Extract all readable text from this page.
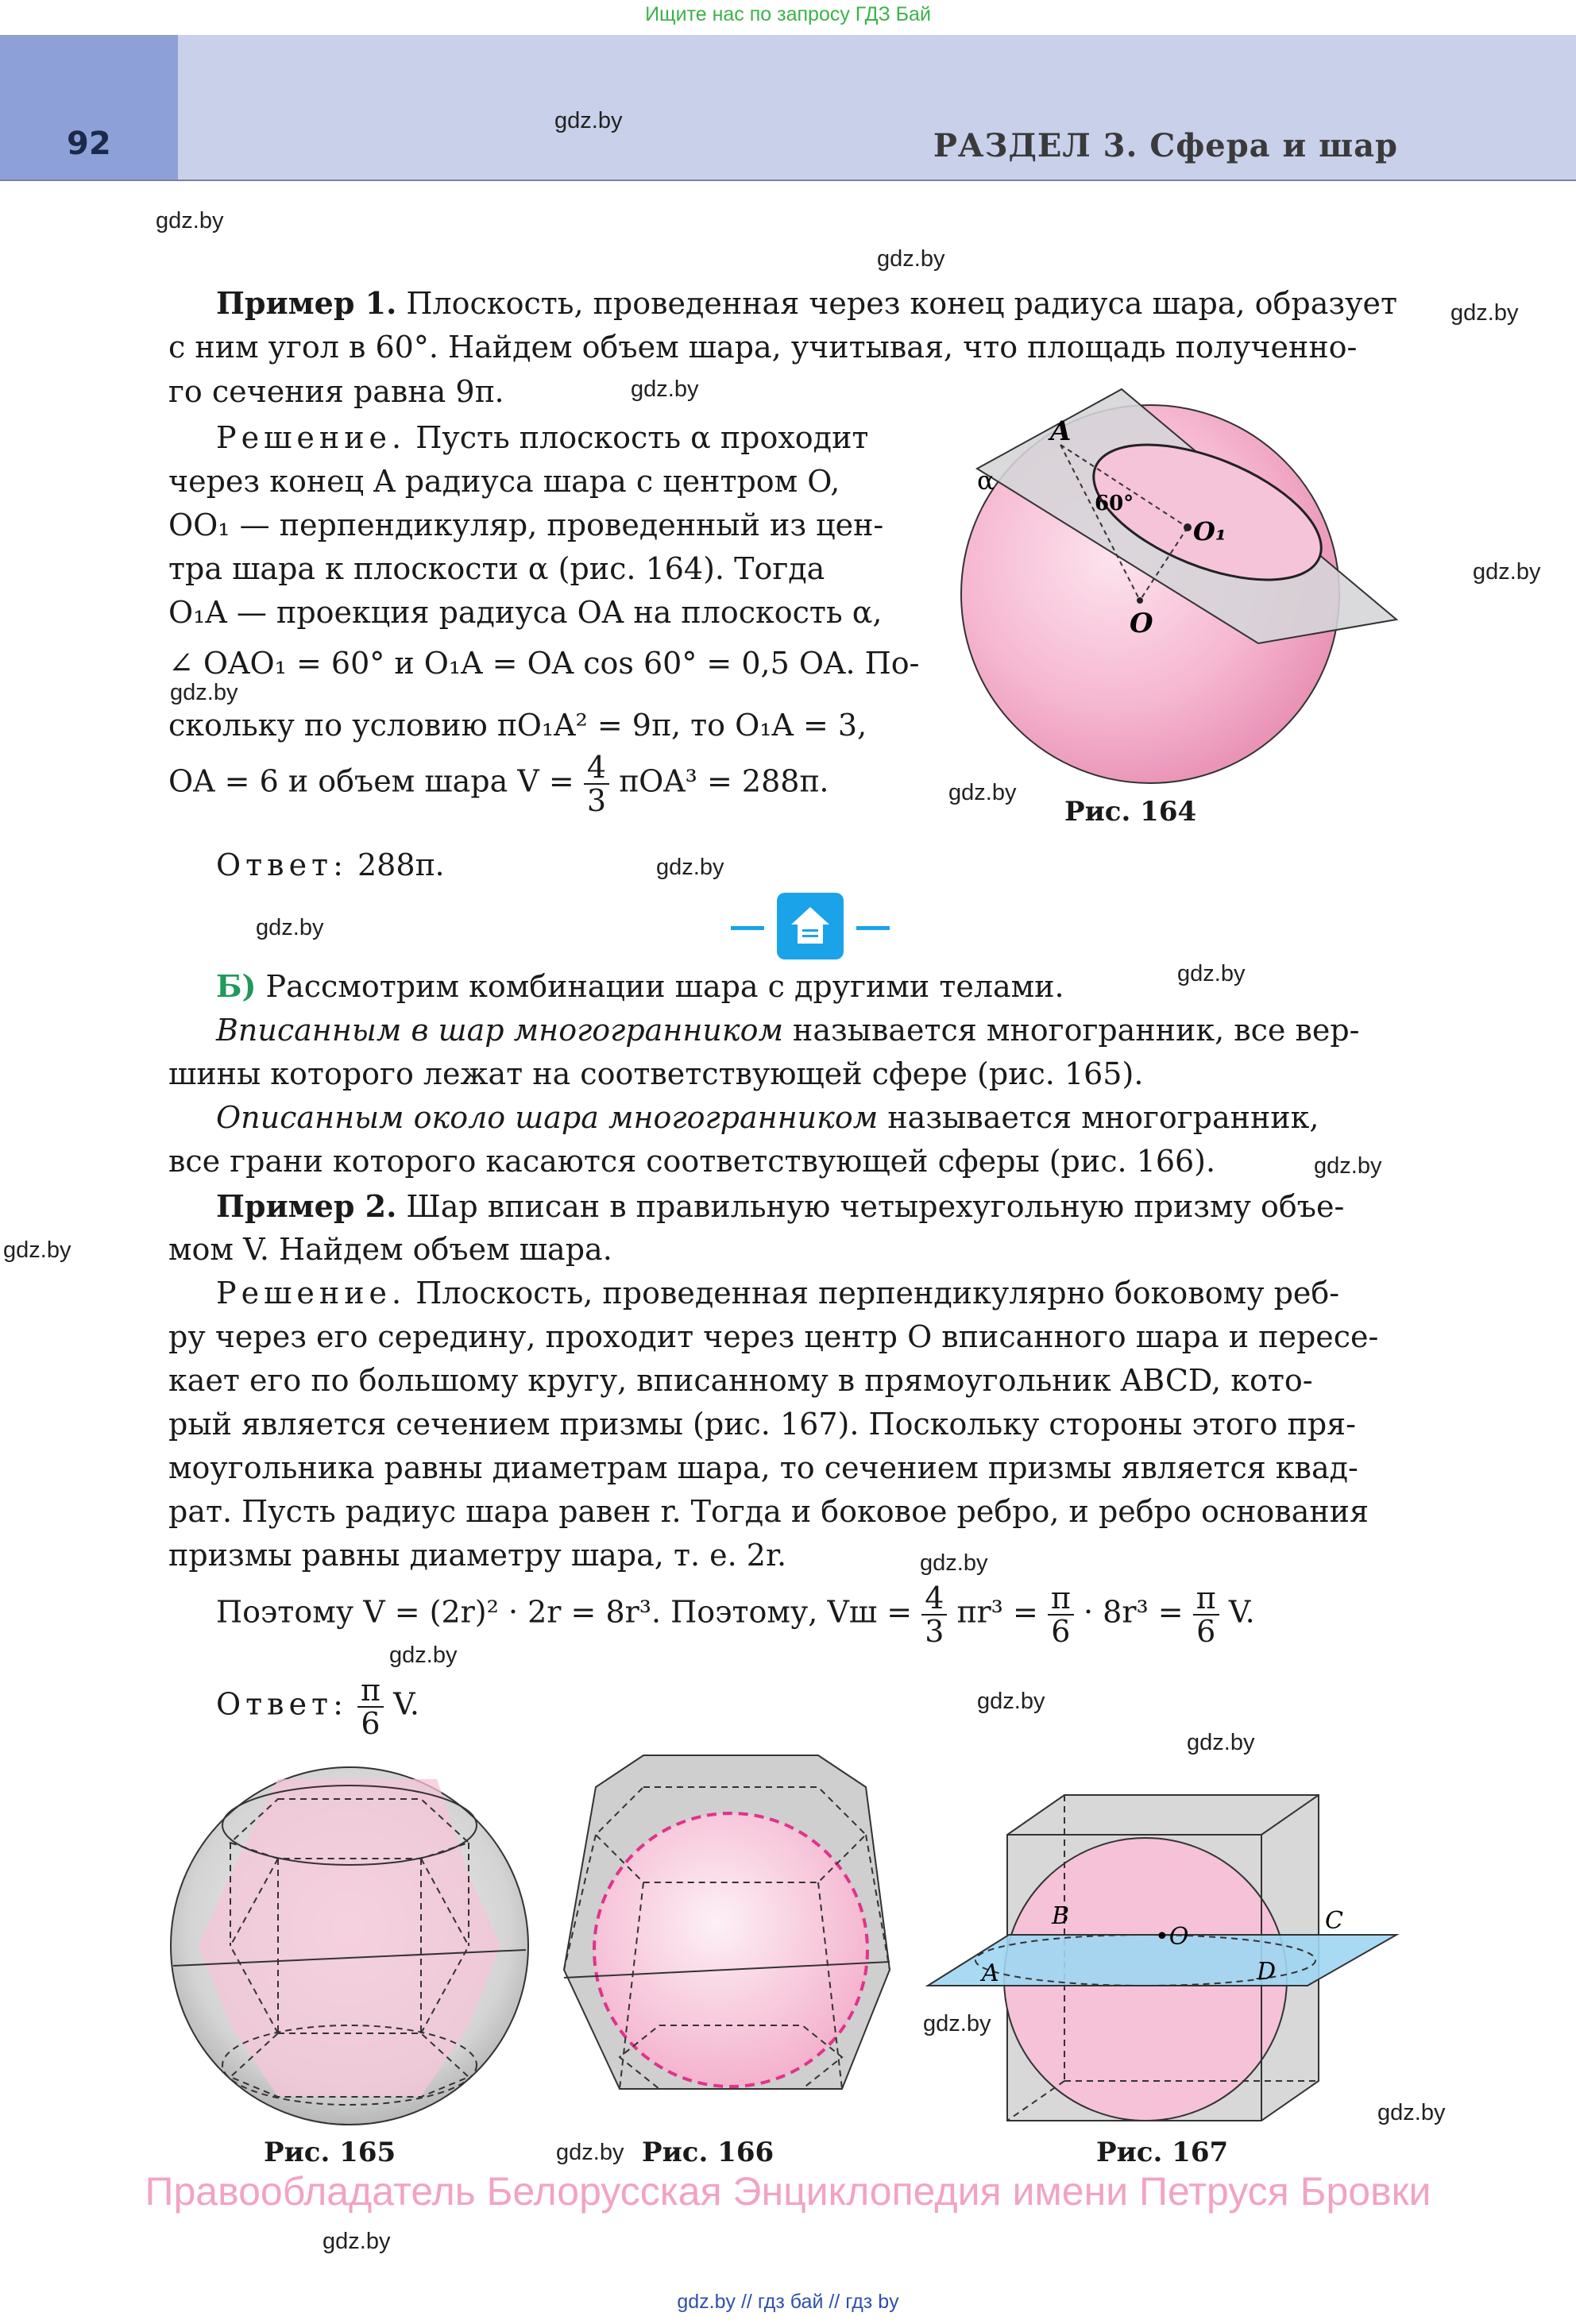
Ищите нас по запросу ГДЗ Бай
92	РАЗДЕЛ 3. Сфера и шар
gdz.by
gdz.by
gdz.by
gdz.by
gdz.by
gdz.by
gdz.by
gdz.by
gdz.by
gdz.by
gdz.by
gdz.by
gdz.by
gdz.by
gdz.by
gdz.by
gdz.by
gdz.by
gdz.by
gdz.by
gdz.by
Пример 1. Плоскость, проведенная через конец радиуса шара, образует
с ним угол в 60°. Найдем объем шара, учитывая, что площадь полученно-
го сечения равна 9π.
Решение. Пусть плоскость α проходит
через конец A радиуса шара с центром O,
OO₁ — перпендикуляр, проведенный из цен-
тра шара к плоскости α (рис. 164). Тогда
O₁A — проекция радиуса OA на плоскость α,
∠ OAO₁ = 60° и O₁A = OA cos 60° = 0,5 OA. По-
скольку по условию πO₁A² = 9π, то O₁A = 3,
OA = 6 и объем шара $V = \frac{4}{3} \pi OA^3 = 288\pi$.
Ответ: 288π.
A
α
60°
O₁
O
Рис. 164
Б) Рассмотрим комбинации шара с другими телами.
Вписанным в шар многогранником называется многогранник, все вер-
шины которого лежат на соответствующей сфере (рис. 165).
Описанным около шара многогранником называется многогранник,
все грани которого касаются соответствующей сферы (рис. 166).
Пример 2. Шар вписан в правильную четырехугольную призму объе-
мом V. Найдем объем шара.
Решение. Плоскость, проведенная перпендикулярно боковому реб-
ру через его середину, проходит через центр O вписанного шара и пересе-
кает его по большому кругу, вписанному в прямоугольник ABCD, кото-
рый является сечением призмы (рис. 167). Поскольку стороны этого пря-
моугольника равны диаметрам шара, то сечением призмы является квад-
рат. Пусть радиус шара равен r. Тогда и боковое ребро, и ребро основания
призмы равны диаметру шара, т. е. 2r.
Поэтому V = (2r)² · 2r = 8r³. Поэтому, Vш = $\frac{4}{3} \pi r^3 = \frac{\pi}{6} \cdot 8r^3 = \frac{\pi}{6} V$.
Ответ: $\frac{\pi}{6} V$.
Рис. 165	Рис. 166
A
B	C
D
•O
Рис. 167
Правообладатель Белорусская Энциклопедия имени Петруся Бровки
gdz.by // гдз бай // гдз by
